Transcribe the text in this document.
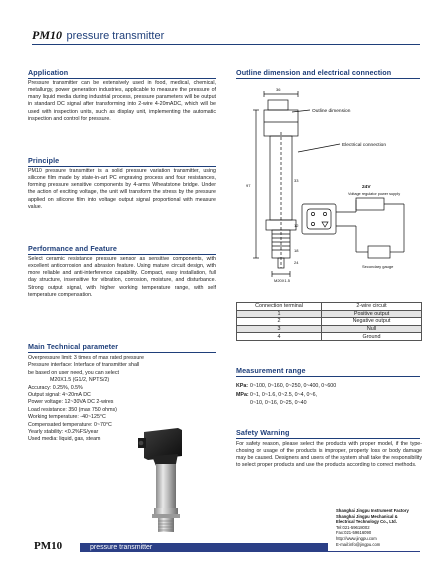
PM10 pressure transmitter
Application
Pressure transmitter can be extensively used in food, medical, chemical, metallurgy, power generation industries, applicable to measure the pressure of many liquid media during industrial process, pressure parameters will be output in standard DC signal after transforming into 2-wire 4-20mADC, which will be used with inspection units, such as display unit, implementing the automatic inspection and control for pressure.
Principle
PM10 pressure transmitter is a solid pressure variation transmitter, using silicone film made by state-in-art PC engraving process and four resistances, forming pressure sensitive components by 4-arms Wheatstone bridge. Under the action of exciting voltage, the unit will transform the stress by the pressure applied on silicone film into voltage output signal proportional with measure value.
Performance and Feature
Select ceramic resistance pressure sensor as sensitive components, with excellent anticorrosion and abrasion feature. Using mature circuit design, with more reliable and anti-interference capability. Compact, easy installation, full day structure, insensitive for vibration, corrosion, moisture, and disturbance. Strong output signal, with higher working temperature range, with self temperature compensation.
Main Technical parameter
Overpressure limit: 3 times of max rated pressure
Pressure interface: Interface of transmitter shall
be based on user need, you can select
M20X1.5 (G1/2, NPTS/2)
Accuracy: 0.25%, 0.5%
Output signal: 4~20mA DC
Power voltage: 12~30VA DC 2-wires
Load resistance: 350 (max 750 ohms)
Working temperature: -40~125°C
Compensated temperature: 0~70°C
Yearly stability: <0.2%FS/year
Used media: liquid, gas, steam
Outline dimension and electrical connection
Outline dimension
Electrical connection
24V
Voltage regulator power supply
Secondary gauge
36
97
33
12
M20X1.5
18
24
Connection terminal	2-wire circuit
1	Positive output
2	Negative output
3	Null
4	Ground
Measurement range
KPa: 0~100, 0~160, 0~250, 0~400, 0~600
MPa:0~1, 0~1.6, 0~2.5, 0~4, 0~6,
0~10, 0~16, 0~25, 0~40
Safety Warning
For safety reason, please select the products with proper model, if the type-chosing or usage of the products is improper, property loss or body damage may be caused. Designers and users of the system shall take the responsibility to select proper products and use the products according to correct methods.
Shanghai Jingpu Instrument Factory
Shanghai Jingpu Mechanical &
Electrical Technology Co., Ltd.
Tel:021-59618002
Fax:021-59616090
http://www.jingpu.com
E-mail:info@jingpu.com
PM10	pressure transmitter
